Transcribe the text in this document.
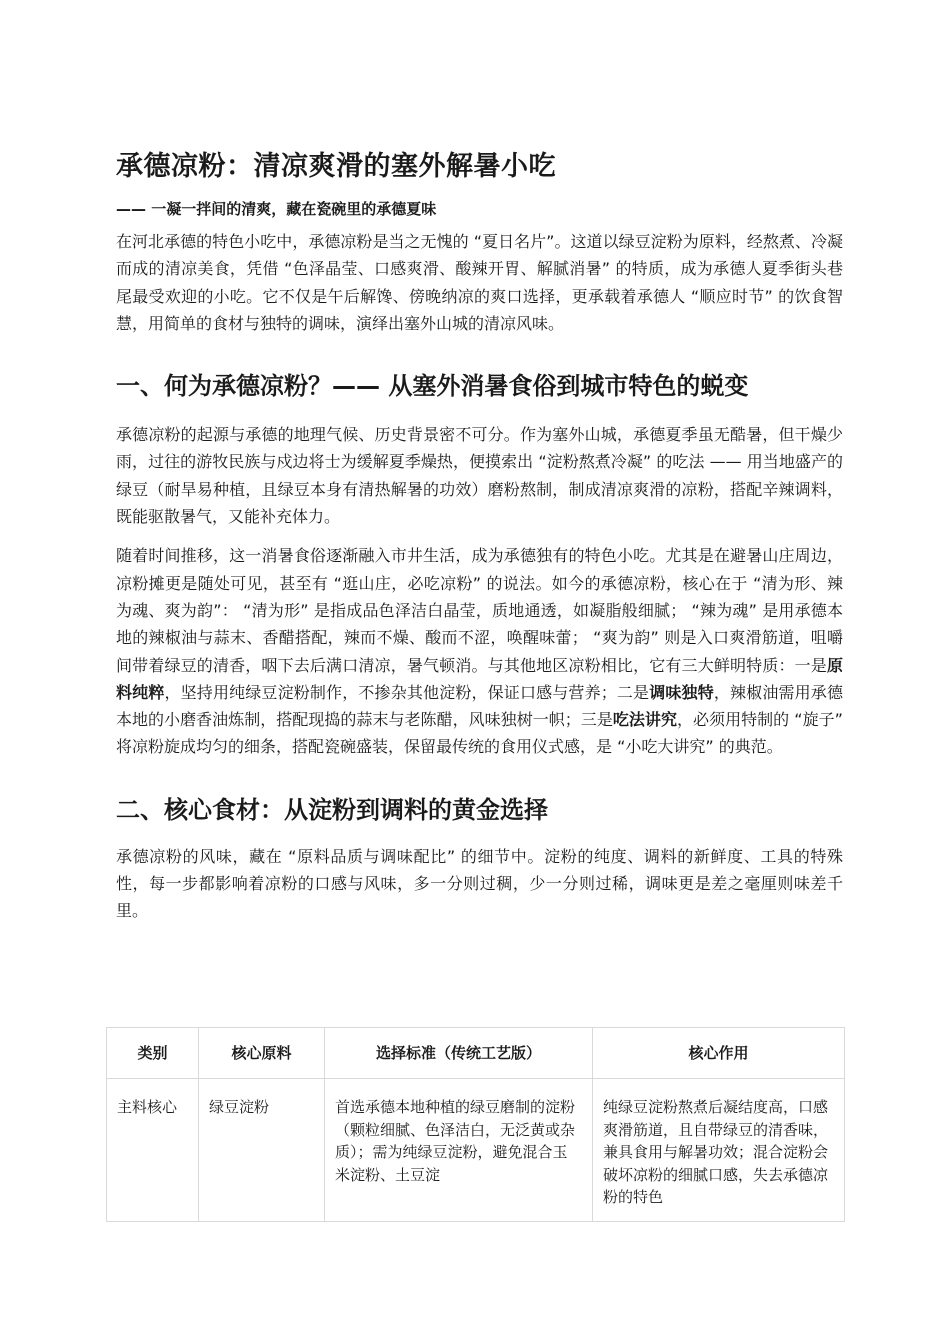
承德凉粉：清凉爽滑的塞外解暑小吃
—— 一凝一拌间的清爽，藏在瓷碗里的承德夏味

在河北承德的特色小吃中，承德凉粉是当之无愧的 “夏日名片”。这道以绿豆淀粉为原料，经熬煮、冷凝而成的清凉美食，凭借 “色泽晶莹、口感爽滑、酸辣开胃、解腻消暑” 的特质，成为承德人夏季街头巷尾最受欢迎的小吃。它不仅是午后解馋、傍晚纳凉的爽口选择，更承载着承德人 “顺应时节” 的饮食智慧，用简单的食材与独特的调味，演绎出塞外山城的清凉风味。

一、何为承德凉粉？—— 从塞外消暑食俗到城市特色的蜕变

承德凉粉的起源与承德的地理气候、历史背景密不可分。作为塞外山城，承德夏季虽无酷暑，但干燥少雨，过往的游牧民族与戍边将士为缓解夏季燥热，便摸索出 “淀粉熬煮冷凝” 的吃法 —— 用当地盛产的绿豆（耐旱易种植，且绿豆本身有清热解暑的功效）磨粉熬制，制成清凉爽滑的凉粉，搭配辛辣调料，既能驱散暑气，又能补充体力。

随着时间推移，这一消暑食俗逐渐融入市井生活，成为承德独有的特色小吃。尤其是在避暑山庄周边，凉粉摊更是随处可见，甚至有 “逛山庄，必吃凉粉” 的说法。如今的承德凉粉，核心在于 “清为形、辣为魂、爽为韵”： “清为形” 是指成品色泽洁白晶莹，质地通透，如凝脂般细腻； “辣为魂” 是用承德本地的辣椒油与蒜末、香醋搭配，辣而不燥、酸而不涩，唤醒味蕾； “爽为韵” 则是入口爽滑筋道，咀嚼间带着绿豆的清香，咽下去后满口清凉，暑气顿消。与其他地区凉粉相比，它有三大鲜明特质：一是原料纯粹，坚持用纯绿豆淀粉制作，不掺杂其他淀粉，保证口感与营养；二是调味独特，辣椒油需用承德本地的小磨香油炼制，搭配现捣的蒜末与老陈醋，风味独树一帜；三是吃法讲究，必须用特制的 “旋子” 将凉粉旋成均匀的细条，搭配瓷碗盛装，保留最传统的食用仪式感，是 “小吃大讲究” 的典范。

二、核心食材：从淀粉到调料的黄金选择

承德凉粉的风味，藏在 “原料品质与调味配比” 的细节中。淀粉的纯度、调料的新鲜度、工具的特殊性，每一步都影响着凉粉的口感与风味，多一分则过稠，少一分则过稀，调味更是差之毫厘则味差千里。

类别	核心原料	选择标准（传统工艺版）	核心作用
主料核心	绿豆淀粉	首选承德本地种植的绿豆磨制的淀粉（颗粒细腻、色泽洁白，无泛黄或杂质）；需为纯绿豆淀粉，避免混合玉米淀粉、土豆淀	纯绿豆淀粉熬煮后凝结度高，口感爽滑筋道，且自带绿豆的清香味，兼具食用与解暑功效；混合淀粉会破坏凉粉的细腻口感，失去承德凉粉的特色
